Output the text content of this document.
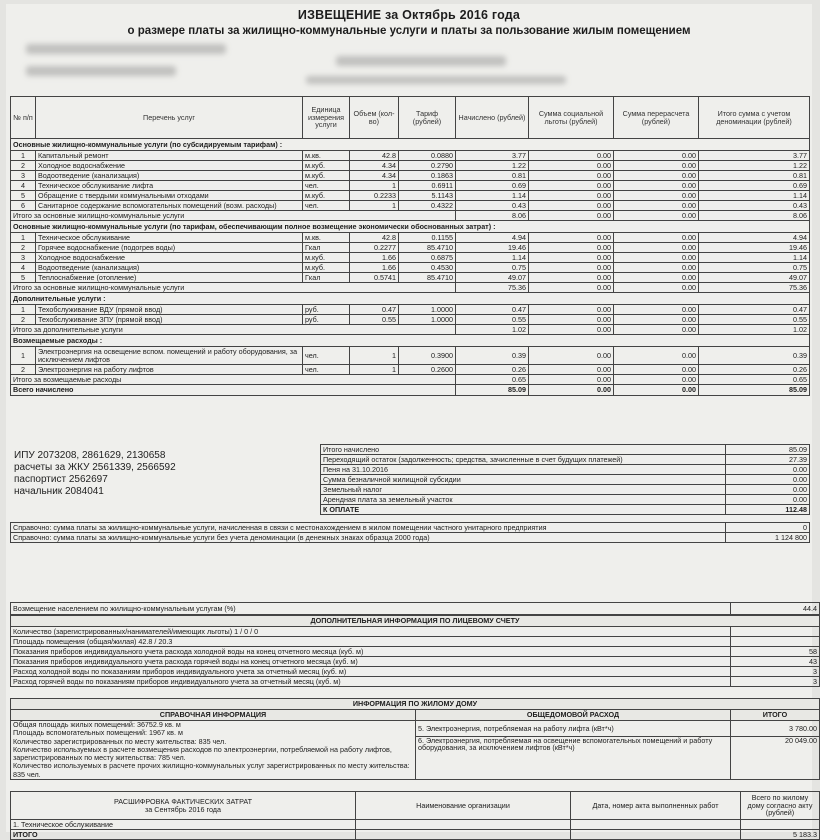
ИЗВЕЩЕНИЕ за Октябрь 2016 года
о размере платы за жилищно-коммунальные услуги и платы за пользование жилым помещением
№ п/п	Перечень услуг	Единица измерения услуги	Объем (кол-во)	Тариф (рублей)	Начислено (рублей)	Сумма социальной льготы (рублей)	Сумма перерасчета (рублей)	Итого сумма с учетом деноминации (рублей)
Основные жилищно-коммунальные услуги (по субсидируемым тарифам) :								
1	Капитальный ремонт	м.кв.	42.8	0.0880	3.77	0.00	0.00	3.77
2	Холодное водоснабжение	м.куб.	4.34	0.2790	1.22	0.00	0.00	1.22
3	Водоотведение (канализация)	м.куб.	4.34	0.1863	0.81	0.00	0.00	0.81
4	Техническое обслуживание лифта	чел.	1	0.6911	0.69	0.00	0.00	0.69
5	Обращение с твердыми коммунальными отходами	м.куб.	0.2233	5.1143	1.14	0.00	0.00	1.14
6	Санитарное содержание вспомогательных помещений (возм. расходы)	чел.	1	0.4322	0.43	0.00	0.00	0.43
Итого за основные жилищно-коммунальные услуги					8.06	0.00	0.00	8.06
Основные жилищно-коммунальные услуги (по тарифам, обеспечивающим полное возмещение экономически обоснованных затрат) :								
1	Техническое обслуживание	м.кв.	42.8	0.1155	4.94	0.00	0.00	4.94
2	Горячее водоснабжение (подогрев воды)	Гкал	0.2277	85.4710	19.46	0.00	0.00	19.46
3	Холодное водоснабжение	м.куб.	1.66	0.6875	1.14	0.00	0.00	1.14
4	Водоотведение (канализация)	м.куб.	1.66	0.4530	0.75	0.00	0.00	0.75
5	Теплоснабжение (отопление)	Гкал	0.5741	85.4710	49.07	0.00	0.00	49.07
Итого за основные жилищно-коммунальные услуги					75.36	0.00	0.00	75.36
Дополнительные услуги :								
1	Техобслуживание ВДУ (прямой ввод)	руб.	0.47	1.0000	0.47	0.00	0.00	0.47
2	Техобслуживание ЗПУ (прямой ввод)	руб.	0.55	1.0000	0.55	0.00	0.00	0.55
Итого за дополнительные услуги					1.02	0.00	0.00	1.02
Возмещаемые расходы :								
1	Электроэнергия на освещение вспом. помещений и работу оборудования, за исключением лифтов	чел.	1	0.3900	0.39	0.00	0.00	0.39
2	Электроэнергия на работу лифтов	чел.	1	0.2600	0.26	0.00	0.00	0.26
Итого за возмещаемые расходы					0.65	0.00	0.00	0.65
Всего начислено					85.09	0.00	0.00	85.09
ИПУ 2073208, 2861629, 2130658
расчеты за ЖКУ 2561339, 2566592
паспортист 2562697
начальник 2084041
Итого начислено	85.09
Переходящий остаток (задолженность; средства, зачисленные в счет будущих платежей)	27.39
Пеня на 31.10.2016	0.00
Сумма безналичной жилищной субсидии	0.00
Земельный налог	0.00
Арендная плата за земельный участок	0.00
К ОПЛАТЕ	112.48
Справочно: сумма платы за жилищно-коммунальные услуги, начисленная в связи с местонахождением в жилом помещении частного унитарного предприятия	0
Справочно: сумма платы за жилищно-коммунальные услуги без учета деноминации (в денежных знаках образца 2000 года)	1 124 800
Возмещение населением по жилищно-коммунальным услугам (%)	44.4
ДОПОЛНИТЕЛЬНАЯ ИНФОРМАЦИЯ ПО ЛИЦЕВОМУ СЧЕТУ	
Количество (зарегистрированных/нанимателей/имеющих льготы) 1 / 0 / 0	
Площадь помещения (общая/жилая) 42.8 / 20.3	
Показания приборов индивидуального учета расхода холодной воды на конец отчетного месяца (куб. м)	58
Показания приборов индивидуального учета расхода горячей воды на конец отчетного месяца (куб. м)	43
Расход холодной воды по показаниям приборов индивидуального учета за отчетный месяц (куб. м)	3
Расход горячей воды по показаниям приборов индивидуального учета за отчетный месяц (куб. м)	3
ИНФОРМАЦИЯ ПО ЖИЛОМУ ДОМУ		
СПРАВОЧНАЯ ИНФОРМАЦИЯ	ОБЩЕДОМОВОЙ РАСХОД	ИТОГО

Общая площадь жилых помещений: 36752.9 кв. м
Площадь вспомогательных помещений: 1967 кв. м
Количество зарегистрированных по месту жительства: 835 чел.
Количество используемых в расчете возмещения расходов по электроэнергии, потребляемой на работу лифтов, зарегистрированных по месту жительства: 785 чел.
Количество используемых в расчете прочих жилищно-коммунальных услуг зарегистрированных по месту жительства: 835 чел.	5. Электроэнергия, потребляемая на работу лифта (кВт*ч)	3 780.00
	6. Электроэнергия, потребляемая на освещение вспомогательных помещений и работу оборудования, за исключением лифтов (кВт*ч)	20 049.00
РАСШИФРОВКА ФАКТИЧЕСКИХ ЗАТРАТ
за Сентябрь 2016 года	Наименование организации	Дата, номер акта выполненных работ	Всего по жилому дому согласно акту (рублей)
1. Техническое обслуживание			
ИТОГО			5 183.3
